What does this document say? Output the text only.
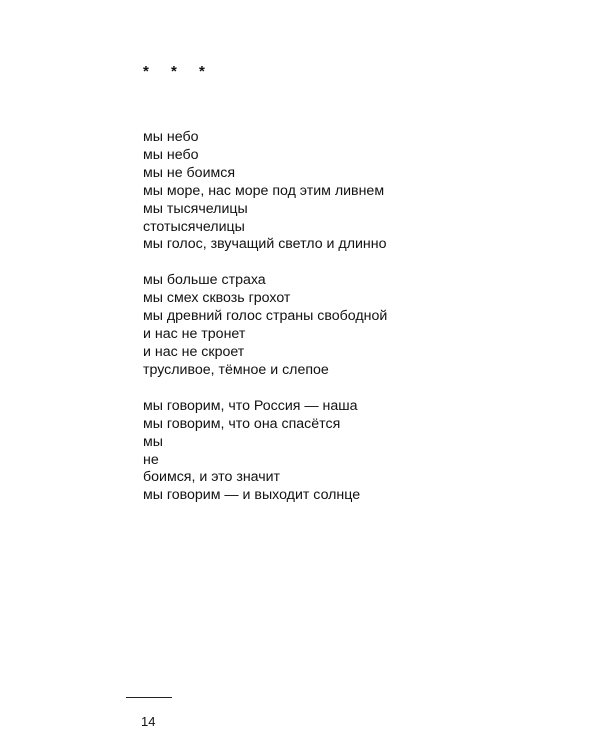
* * *
мы небо
мы небо
мы не боимся
мы море, нас море под этим ливнем
мы тысячелицы
стотысячелицы
мы голос, звучащий светло и длинно
мы больше страха
мы смех сквозь грохот
мы древний голос страны свободной
и нас не тронет
и нас не скроет
трусливое, тёмное и слепое
мы говорим, что Россия — наша
мы говорим, что она спасётся
мы
не
боимся, и это значит
мы говорим — и выходит солнце
14
